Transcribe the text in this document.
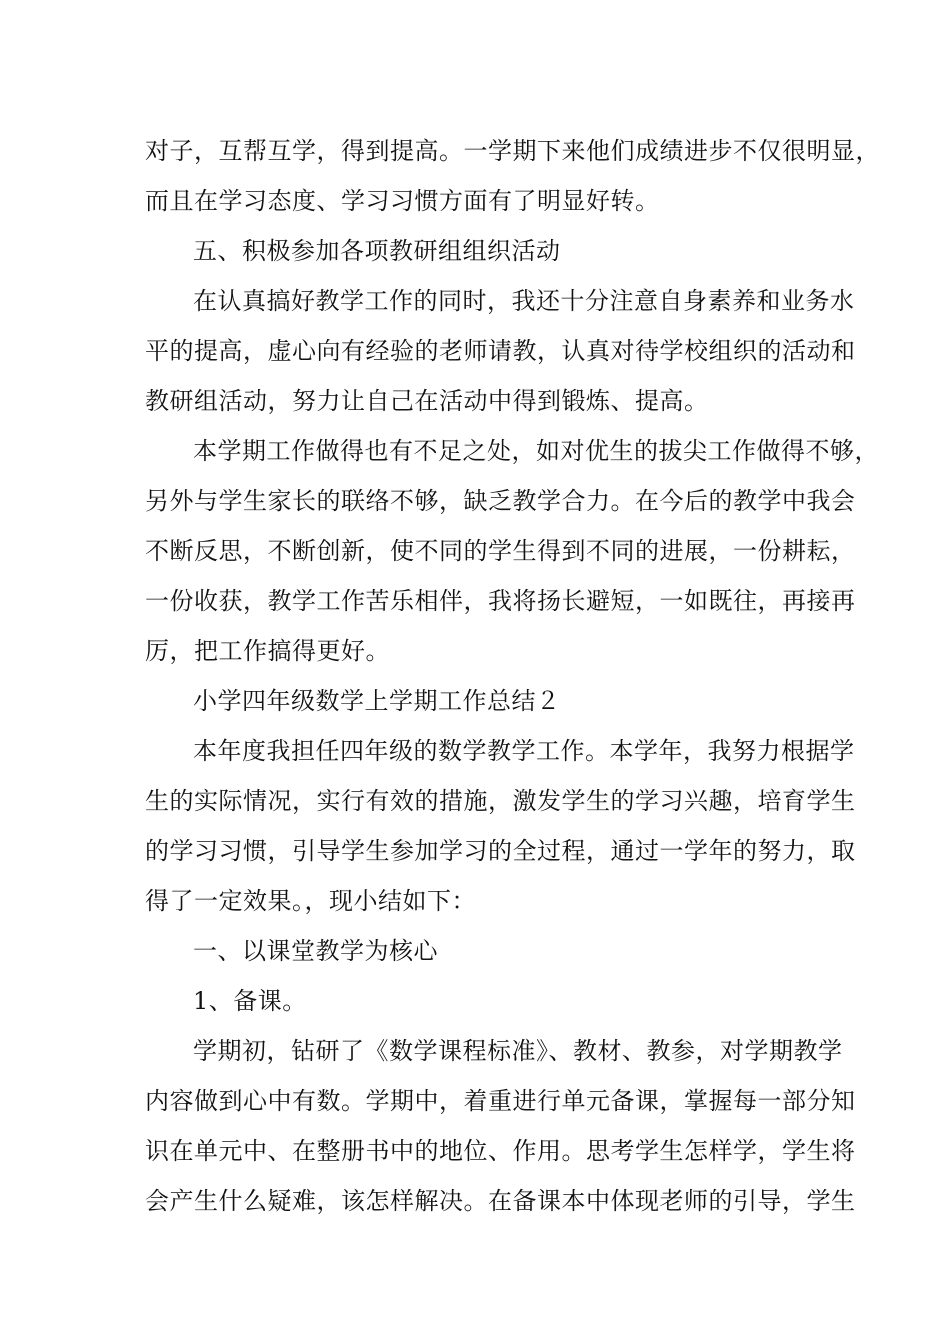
对子，互帮互学，得到提高。一学期下来他们成绩进步不仅很明显，
而且在学习态度、学习习惯方面有了明显好转。
五、积极参加各项教研组组织活动
在认真搞好教学工作的同时，我还十分注意自身素养和业务水
平的提高，虚心向有经验的老师请教，认真对待学校组织的活动和
教研组活动，努力让自己在活动中得到锻炼、提高。
本学期工作做得也有不足之处，如对优生的拔尖工作做得不够，
另外与学生家长的联络不够，缺乏教学合力。在今后的教学中我会
不断反思，不断创新，使不同的学生得到不同的进展，一份耕耘，
一份收获，教学工作苦乐相伴，我将扬长避短，一如既往，再接再
厉，把工作搞得更好。
小学四年级数学上学期工作总结２
本年度我担任四年级的数学教学工作。本学年，我努力根据学
生的实际情况，实行有效的措施，激发学生的学习兴趣，培育学生
的学习习惯，引导学生参加学习的全过程，通过一学年的努力，取
得了一定效果。，现小结如下：
一、以课堂教学为核心
1、备课。
学期初，钻研了《数学课程标准》、教材、教参，对学期教学
内容做到心中有数。学期中，着重进行单元备课，掌握每一部分知
识在单元中、在整册书中的地位、作用。思考学生怎样学，学生将
会产生什么疑难，该怎样解决。在备课本中体现老师的引导，学生
